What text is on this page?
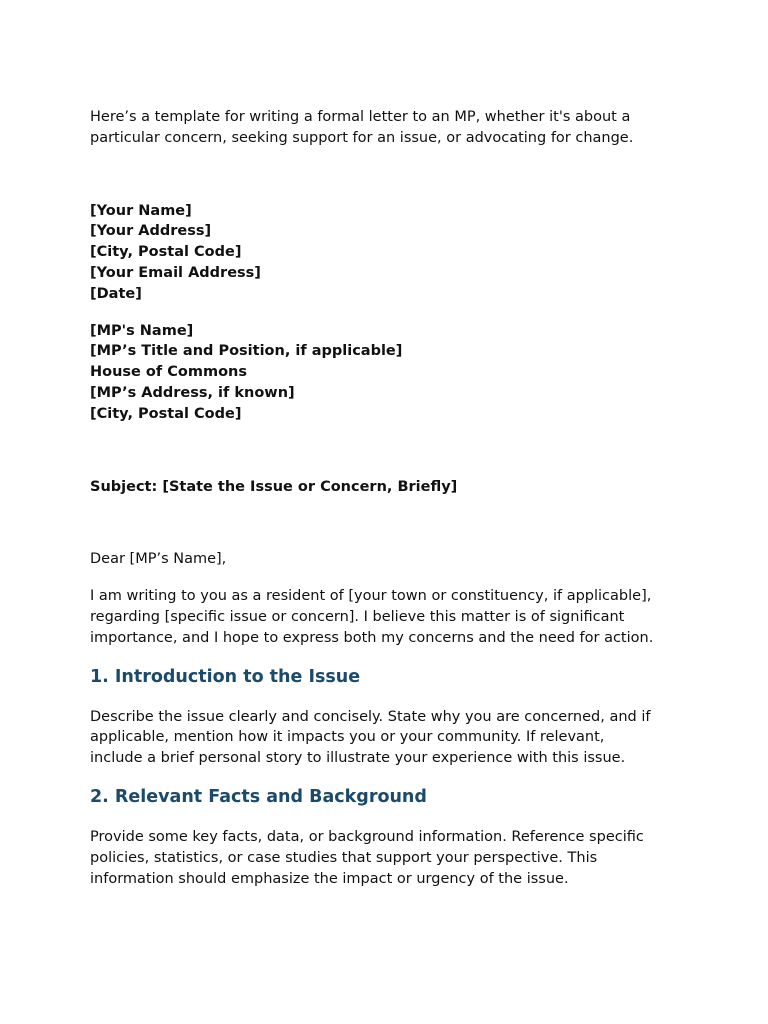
Here’s a template for writing a formal letter to an MP, whether it's about a
particular concern, seeking support for an issue, or advocating for change.

[Your Name]
[Your Address]
[City, Postal Code]
[Your Email Address]
[Date]
[MP's Name]
[MP’s Title and Position, if applicable]
House of Commons
[MP’s Address, if known]
[City, Postal Code]

Subject: [State the Issue or Concern, Briefly]

Dear [MP’s Name],

I am writing to you as a resident of [your town or constituency, if applicable],
regarding [specific issue or concern]. I believe this matter is of significant
importance, and I hope to express both my concerns and the need for action.

1. Introduction to the Issue

Describe the issue clearly and concisely. State why you are concerned, and if
applicable, mention how it impacts you or your community. If relevant,
include a brief personal story to illustrate your experience with this issue.

2. Relevant Facts and Background

Provide some key facts, data, or background information. Reference specific
policies, statistics, or case studies that support your perspective. This
information should emphasize the impact or urgency of the issue.
